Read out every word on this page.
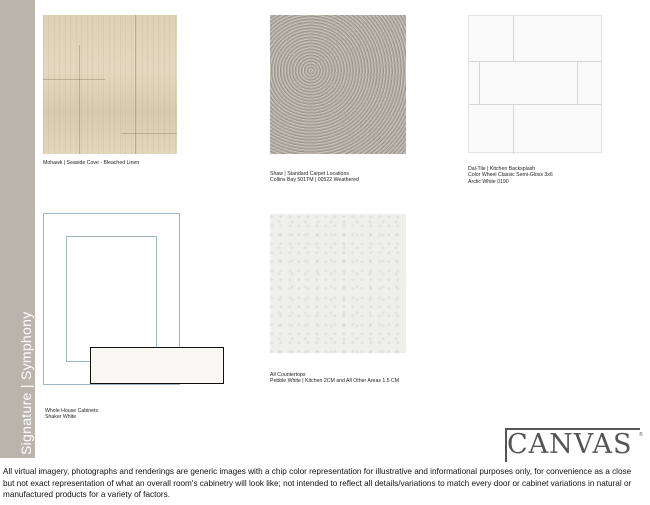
Signature | Symphony
Mohawk | Seaside Cove - Bleached Linen
Shaw | Standard Carpet Locations
Collins Bay 501TM | 00522 Weathered
Dal-Tile | Kitchen Backsplash
Color Wheel Classic Semi-Gloss 3x6
Arctic White 0190
Whole House Cabinets
Shaker White
All Countertops
Pebble White | Kitchen 2CM and All Other Areas 1.5 CM
CANVAS ®
All virtual imagery, photographs and renderings are generic images with a chip color representation for illustrative and informational purposes only, for convenience as a close but not exact representation of what an overall room's cabinetry will look like; not intended to reflect all details/variations to match every door or cabinet variations in natural or manufactured products for a variety of factors.
